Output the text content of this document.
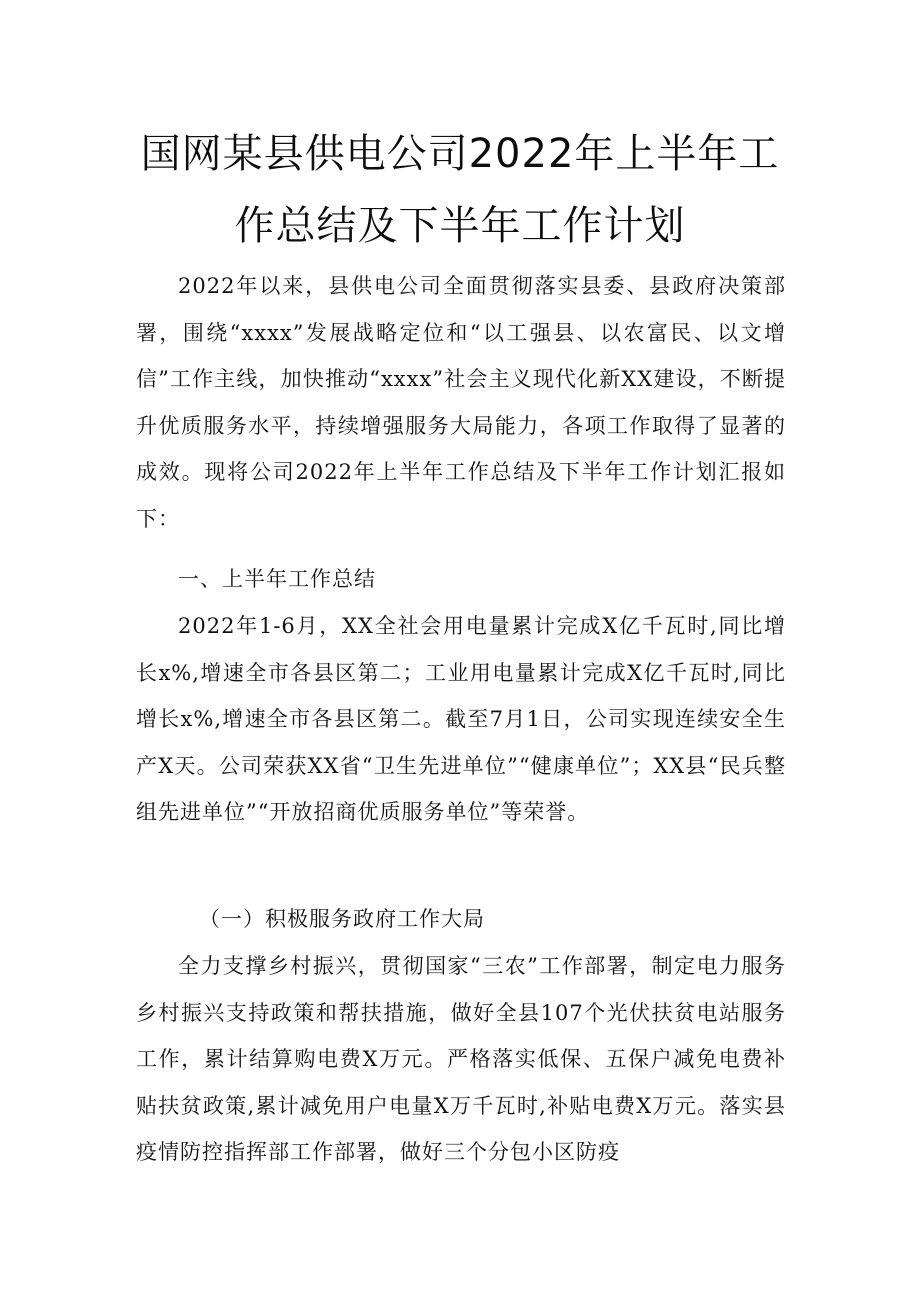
国网某县供电公司2022年上半年工
作总结及下半年工作计划
2022年以来，县供电公司全面贯彻落实县委、县政府决策部署，围绕“xxxx”发展战略定位和“以工强县、以农富民、以文增信”工作主线，加快推动“xxxx”社会主义现代化新XX建设，不断提升优质服务水平，持续增强服务大局能力，各项工作取得了显著的成效。现将公司2022年上半年工作总结及下半年工作计划汇报如下：
一、上半年工作总结
2022年1-6月，XX全社会用电量累计完成X亿千瓦时,同比增长x%,增速全市各县区第二；工业用电量累计完成X亿千瓦时,同比增长x%,增速全市各县区第二。截至7月1日，公司实现连续安全生产X天。公司荣获XX省“卫生先进单位”“健康单位”；XX县“民兵整组先进单位”“开放招商优质服务单位”等荣誉。
（一）积极服务政府工作大局
全力支撑乡村振兴，贯彻国家“三农”工作部署，制定电力服务乡村振兴支持政策和帮扶措施，做好全县107个光伏扶贫电站服务工作，累计结算购电费X万元。严格落实低保、五保户减免电费补贴扶贫政策,累计减免用户电量X万千瓦时,补贴电费X万元。落实县疫情防控指挥部工作部署，做好三个分包小区防疫
